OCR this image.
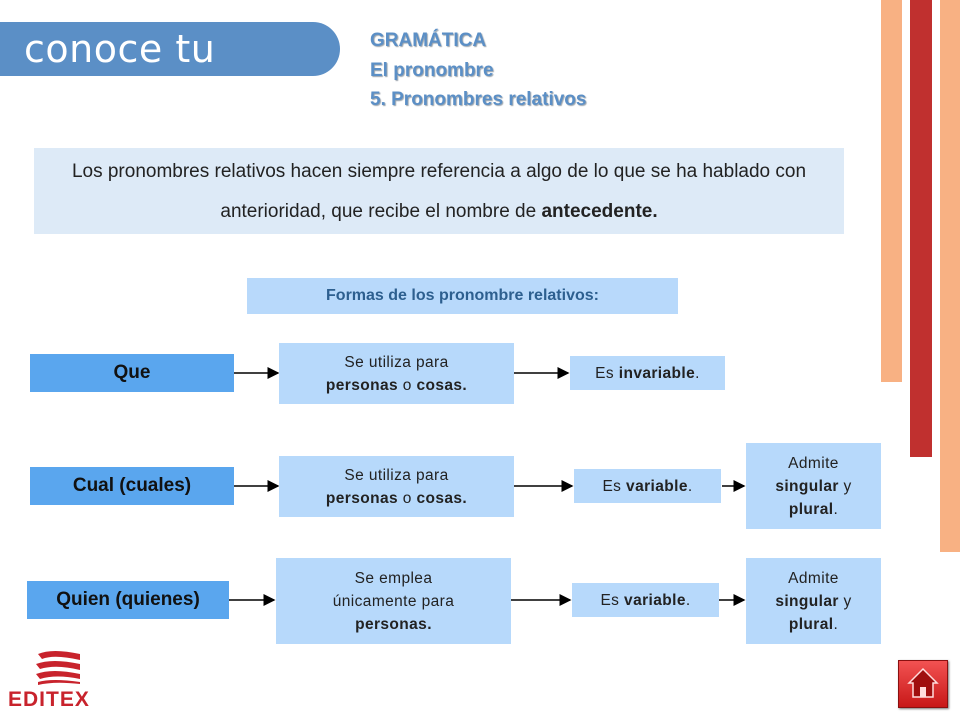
conoce tu lengua
GRAMÁTICA
El pronombre
5. Pronombres relativos
Los pronombres relativos hacen siempre referencia a algo de lo que se ha hablado con anterioridad, que recibe el nombre de antecedente.
Formas de los pronombre relativos:
Que	Se utiliza para
personas o cosas.
Es invariable.
Cual (cuales)	Se utiliza para
personas o cosas.
Es variable.
Admite
singular y
plural.
Quien (quienes)
Se emplea
únicamente para
personas.
Es variable.
Admite
singular y
plural.
EDITEX
